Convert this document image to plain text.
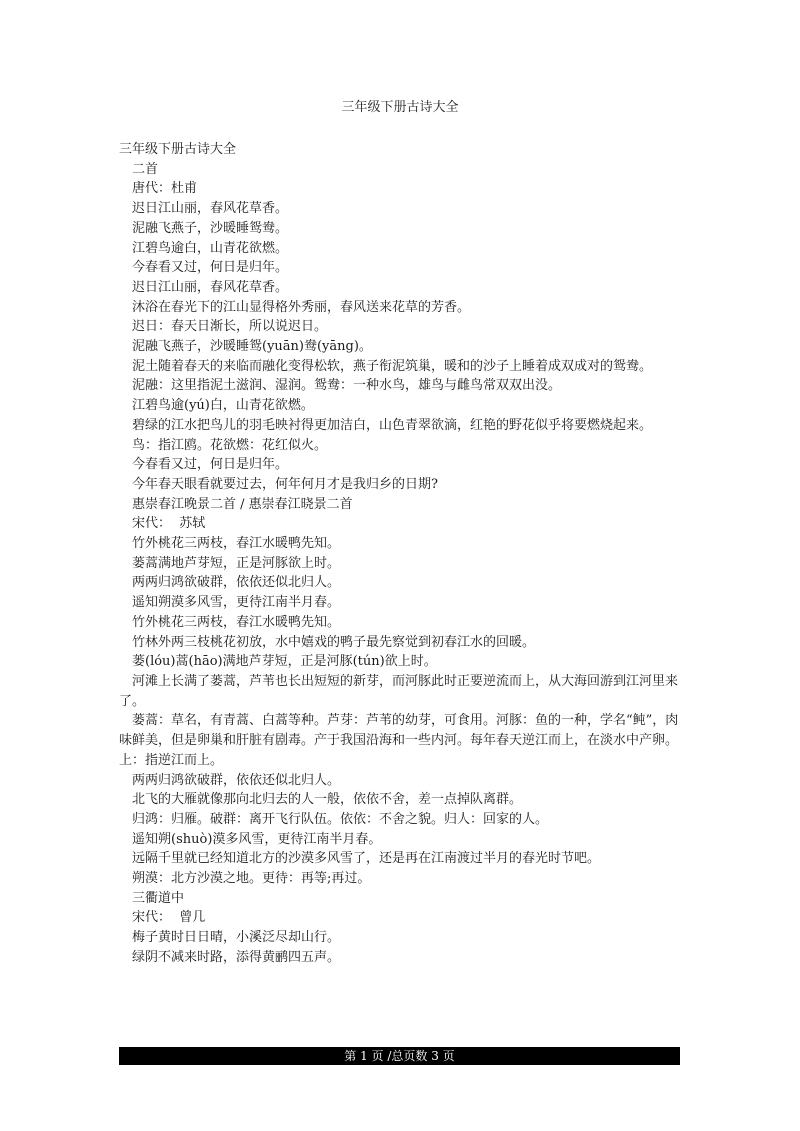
三年级下册古诗大全

三年级下册古诗大全

二首

唐代：杜甫

迟日江山丽，春风花草香。

泥融飞燕子，沙暖睡鸳鸯。

江碧鸟逾白，山青花欲燃。

今春看又过，何日是归年。

迟日江山丽，春风花草香。

沐浴在春光下的江山显得格外秀丽，春风送来花草的芳香。

迟日：春天日渐长，所以说迟日。

泥融飞燕子，沙暖睡鸳(yuān)鸯(yāng)。

泥土随着春天的来临而融化变得松软，燕子衔泥筑巢，暖和的沙子上睡着成双成对的鸳鸯。

泥融：这里指泥土滋润、湿润。鸳鸯：一种水鸟，雄鸟与雌鸟常双双出没。

江碧鸟逾(yú)白，山青花欲燃。

碧绿的江水把鸟儿的羽毛映衬得更加洁白，山色青翠欲滴，红艳的野花似乎将要燃烧起来。

鸟：指江鸥。花欲燃：花红似火。

今春看又过，何日是归年。

今年春天眼看就要过去，何年何月才是我归乡的日期?

惠崇春江晚景二首 / 惠崇春江晓景二首

宋代：  苏轼

竹外桃花三两枝，春江水暖鸭先知。

蒌蒿满地芦芽短，正是河豚欲上时。

两两归鸿欲破群，依依还似北归人。

遥知朔漠多风雪，更待江南半月春。

竹外桃花三两枝，春江水暖鸭先知。

竹林外两三枝桃花初放，水中嬉戏的鸭子最先察觉到初春江水的回暖。

蒌(lóu)蒿(hāo)满地芦芽短，正是河豚(tún)欲上时。

河滩上长满了蒌蒿，芦苇也长出短短的新芽，而河豚此时正要逆流而上，从大海回游到江河里来了。

蒌蒿：草名，有青蒿、白蒿等种。芦芽：芦苇的幼芽，可食用。河豚：鱼的一种，学名“鲀”，肉味鲜美，但是卵巢和肝脏有剧毒。产于我国沿海和一些内河。每年春天逆江而上，在淡水中产卵。上：指逆江而上。

两两归鸿欲破群，依依还似北归人。

北飞的大雁就像那向北归去的人一般，依依不舍，差一点掉队离群。

归鸿：归雁。破群：离开飞行队伍。依依：不舍之貌。归人：回家的人。

遥知朔(shuò)漠多风雪，更待江南半月春。

远隔千里就已经知道北方的沙漠多风雪了，还是再在江南渡过半月的春光时节吧。

朔漠：北方沙漠之地。更待：再等;再过。

三衢道中

宋代：  曾几

梅子黄时日日晴，小溪泛尽却山行。

绿阴不减来时路，添得黄鹂四五声。

第 1 页 /总页数 3 页
